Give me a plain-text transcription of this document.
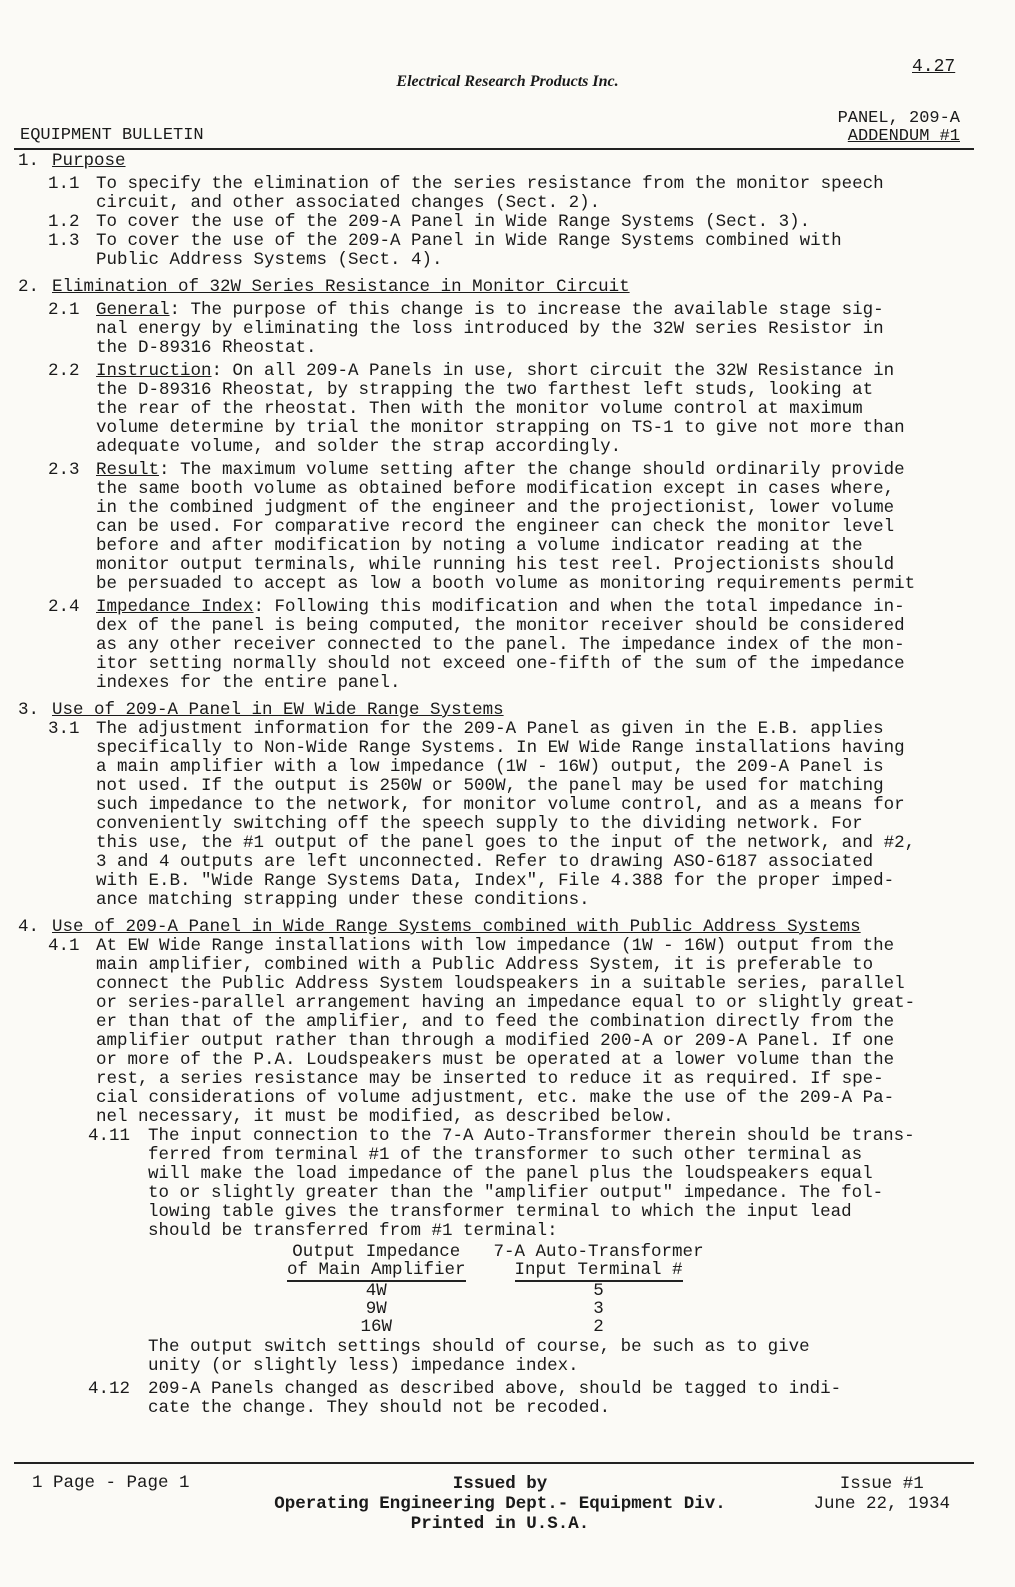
4.27
Electrical Research Products Inc.
EQUIPMENT BULLETIN
PANEL, 209-A
ADDENDUM #1
1. Purpose
1.1 To specify the elimination of the series resistance from the monitor speech
circuit, and other associated changes (Sect. 2).
1.2 To cover the use of the 209-A Panel in Wide Range Systems (Sect. 3).
1.3 To cover the use of the 209-A Panel in Wide Range Systems combined with
Public Address Systems (Sect. 4).
2. Elimination of 32W Series Resistance in Monitor Circuit
2.1 General: The purpose of this change is to increase the available stage sig-
nal energy by eliminating the loss introduced by the 32W series Resistor in
the D-89316 Rheostat.
2.2 Instruction: On all 209-A Panels in use, short circuit the 32W Resistance in
the D-89316 Rheostat, by strapping the two farthest left studs, looking at
the rear of the rheostat. Then with the monitor volume control at maximum
volume determine by trial the monitor strapping on TS-1 to give not more than
adequate volume, and solder the strap accordingly.
2.3 Result: The maximum volume setting after the change should ordinarily provide
the same booth volume as obtained before modification except in cases where,
in the combined judgment of the engineer and the projectionist, lower volume
can be used. For comparative record the engineer can check the monitor level
before and after modification by noting a volume indicator reading at the
monitor output terminals, while running his test reel. Projectionists should
be persuaded to accept as low a booth volume as monitoring requirements permit
2.4 Impedance Index: Following this modification and when the total impedance in-
dex of the panel is being computed, the monitor receiver should be considered
as any other receiver connected to the panel. The impedance index of the mon-
itor setting normally should not exceed one-fifth of the sum of the impedance
indexes for the entire panel.
3. Use of 209-A Panel in EW Wide Range Systems
3.1 The adjustment information for the 209-A Panel as given in the E.B. applies
specifically to Non-Wide Range Systems. In EW Wide Range installations having
a main amplifier with a low impedance (1W - 16W) output, the 209-A Panel is
not used. If the output is 250W or 500W, the panel may be used for matching
such impedance to the network, for monitor volume control, and as a means for
conveniently switching off the speech supply to the dividing network. For
this use, the #1 output of the panel goes to the input of the network, and #2,
3 and 4 outputs are left unconnected. Refer to drawing ASO-6187 associated
with E.B. "Wide Range Systems Data, Index", File 4.388 for the proper imped-
ance matching strapping under these conditions.
4. Use of 209-A Panel in Wide Range Systems combined with Public Address Systems
4.1 At EW Wide Range installations with low impedance (1W - 16W) output from the
main amplifier, combined with a Public Address System, it is preferable to
connect the Public Address System loudspeakers in a suitable series, parallel
or series-parallel arrangement having an impedance equal to or slightly great-
er than that of the amplifier, and to feed the combination directly from the
amplifier output rather than through a modified 200-A or 209-A Panel. If one
or more of the P.A. Loudspeakers must be operated at a lower volume than the
rest, a series resistance may be inserted to reduce it as required. If spe-
cial considerations of volume adjustment, etc. make the use of the 209-A Pa-
nel necessary, it must be modified, as described below.
4.11 The input connection to the 7-A Auto-Transformer therein should be trans-
ferred from terminal #1 of the transformer to such other terminal as
will make the load impedance of the panel plus the loudspeakers equal
to or slightly greater than the "amplifier output" impedance. The fol-
lowing table gives the transformer terminal to which the input lead
should be transferred from #1 terminal:
Output Impedance	7-A Auto-Transformer
of Main Amplifier	Input Terminal #
4W	5
9W	3
16W	2
The output switch settings should of course, be such as to give
unity (or slightly less) impedance index.
4.12 209-A Panels changed as described above, should be tagged to indi-
cate the change. They should not be recoded.
1 Page - Page 1	Issued by
Operating Engineering Dept.- Equipment Div.
Printed in U.S.A.
Issue #1
June 22, 1934
